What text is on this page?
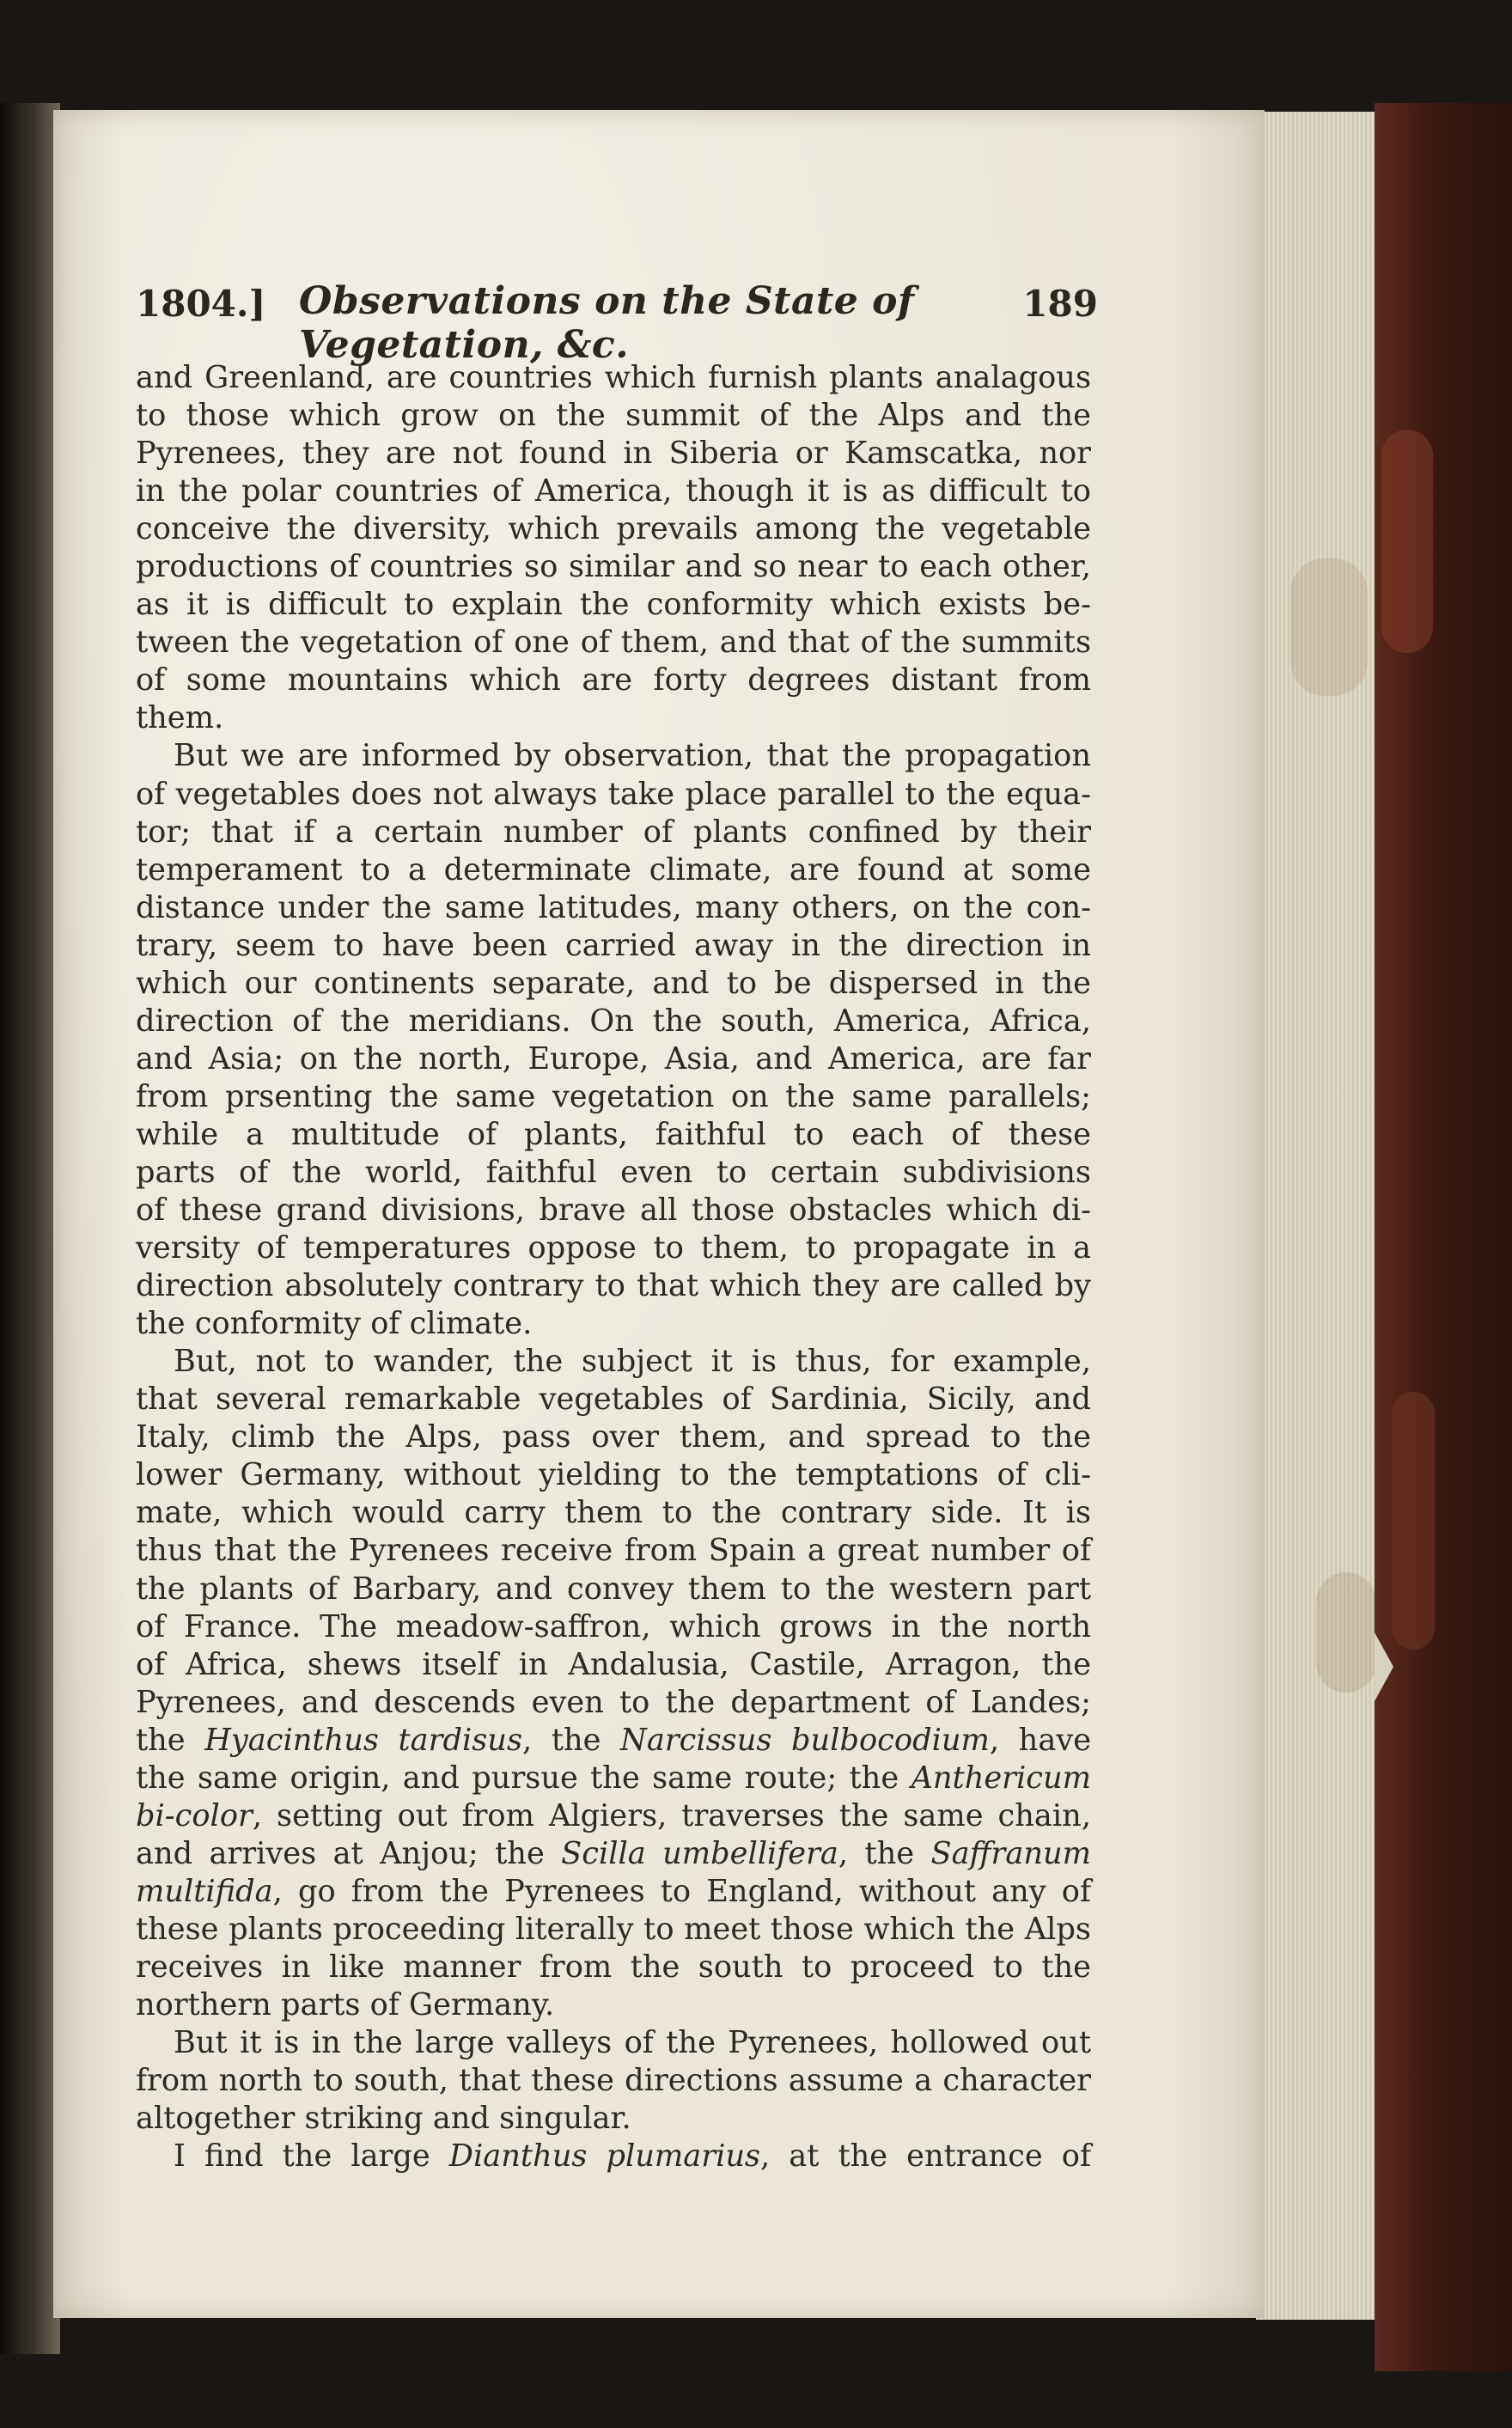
1804.] Observations on the State of Vegetation, &c.
189
and Greenland, are countries which furnish plants analagous
to those which grow on the summit of the Alps and the
Pyrenees, they are not found in Siberia or Kamscatka, nor
in the polar countries of America, though it is as difficult to
conceive the diversity, which prevails among the vegetable
productions of countries so similar and so near to each other,
as it is difficult to explain the conformity which exists be-
tween the vegetation of one of them, and that of the summits
of some mountains which are forty degrees distant from
them.
But we are informed by observation, that the propagation
of vegetables does not always take place parallel to the equa-
tor; that if a certain number of plants confined by their
temperament to a determinate climate, are found at some
distance under the same latitudes, many others, on the con-
trary, seem to have been carried away in the direction in
which our continents separate, and to be dispersed in the
direction of the meridians. On the south, America, Africa,
and Asia; on the north, Europe, Asia, and America, are far
from prsenting the same vegetation on the same parallels;
while a multitude of plants, faithful to each of these
parts of the world, faithful even to certain subdivisions
of these grand divisions, brave all those obstacles which di-
versity of temperatures oppose to them, to propagate in a
direction absolutely contrary to that which they are called by
the conformity of climate.
But, not to wander, the subject it is thus, for example,
that several remarkable vegetables of Sardinia, Sicily, and
Italy, climb the Alps, pass over them, and spread to the
lower Germany, without yielding to the temptations of cli-
mate, which would carry them to the contrary side. It is
thus that the Pyrenees receive from Spain a great number of
the plants of Barbary, and convey them to the western part
of France. The meadow-saffron, which grows in the north
of Africa, shews itself in Andalusia, Castile, Arragon, the
Pyrenees, and descends even to the department of Landes;
the Hyacinthus tardisus, the Narcissus bulbocodium, have
the same origin, and pursue the same route; the Anthericum
bi-color, setting out from Algiers, traverses the same chain,
and arrives at Anjou; the Scilla umbellifera, the Saffranum
multifida, go from the Pyrenees to England, without any of
these plants proceeding literally to meet those which the Alps
receives in like manner from the south to proceed to the
northern parts of Germany.
But it is in the large valleys of the Pyrenees, hollowed out
from north to south, that these directions assume a character
altogether striking and singular.
I find the large Dianthus plumarius, at the entrance of
